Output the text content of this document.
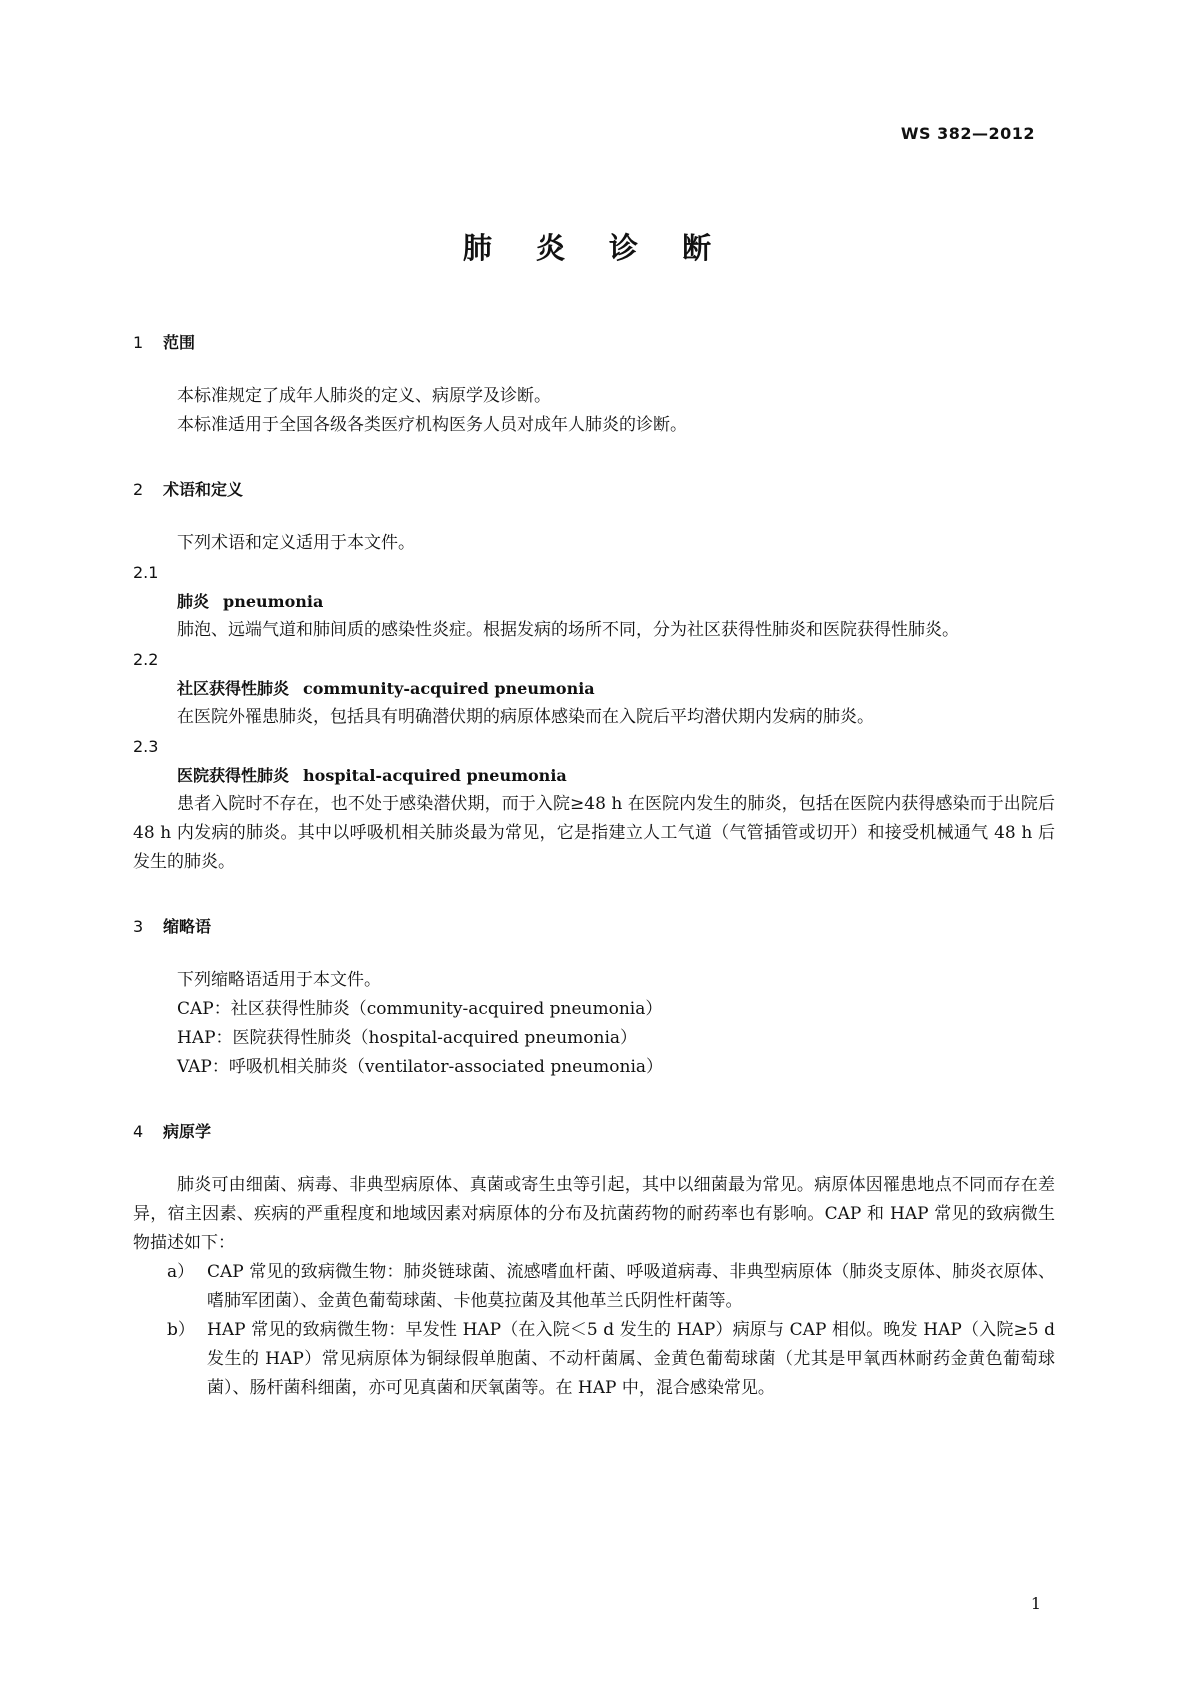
WS 382—2012
肺 炎 诊 断
1 范围

本标准规定了成年人肺炎的定义、病原学及诊断。

本标准适用于全国各级各类医疗机构医务人员对成年人肺炎的诊断。

2 术语和定义

下列术语和定义适用于本文件。

2.1
肺炎 pneumonia

肺泡、远端气道和肺间质的感染性炎症。根据发病的场所不同，分为社区获得性肺炎和医院获得性肺炎。

2.2
社区获得性肺炎 community-acquired pneumonia

在医院外罹患肺炎，包括具有明确潜伏期的病原体感染而在入院后平均潜伏期内发病的肺炎。

2.3
医院获得性肺炎 hospital-acquired pneumonia

患者入院时不存在，也不处于感染潜伏期，而于入院≥48 h 在医院内发生的肺炎，包括在医院内获得感染而于出院后 48 h 内发病的肺炎。其中以呼吸机相关肺炎最为常见，它是指建立人工气道（气管插管或切开）和接受机械通气 48 h 后发生的肺炎。

3 缩略语

下列缩略语适用于本文件。

CAP：社区获得性肺炎（community-acquired pneumonia）

HAP：医院获得性肺炎（hospital-acquired pneumonia）

VAP：呼吸机相关肺炎（ventilator-associated pneumonia）

4 病原学

肺炎可由细菌、病毒、非典型病原体、真菌或寄生虫等引起，其中以细菌最为常见。病原体因罹患地点不同而存在差异，宿主因素、疾病的严重程度和地域因素对病原体的分布及抗菌药物的耐药率也有影响。CAP 和 HAP 常见的致病微生物描述如下：

a） CAP 常见的致病微生物：肺炎链球菌、流感嗜血杆菌、呼吸道病毒、非典型病原体（肺炎支原体、肺炎衣原体、嗜肺军团菌）、金黄色葡萄球菌、卡他莫拉菌及其他革兰氏阴性杆菌等。
b） HAP 常见的致病微生物：早发性 HAP（在入院＜5 d 发生的 HAP）病原与 CAP 相似。晚发 HAP（入院≥5 d 发生的 HAP）常见病原体为铜绿假单胞菌、不动杆菌属、金黄色葡萄球菌（尤其是甲氧西林耐药金黄色葡萄球菌）、肠杆菌科细菌，亦可见真菌和厌氧菌等。在 HAP 中，混合感染常见。
1
